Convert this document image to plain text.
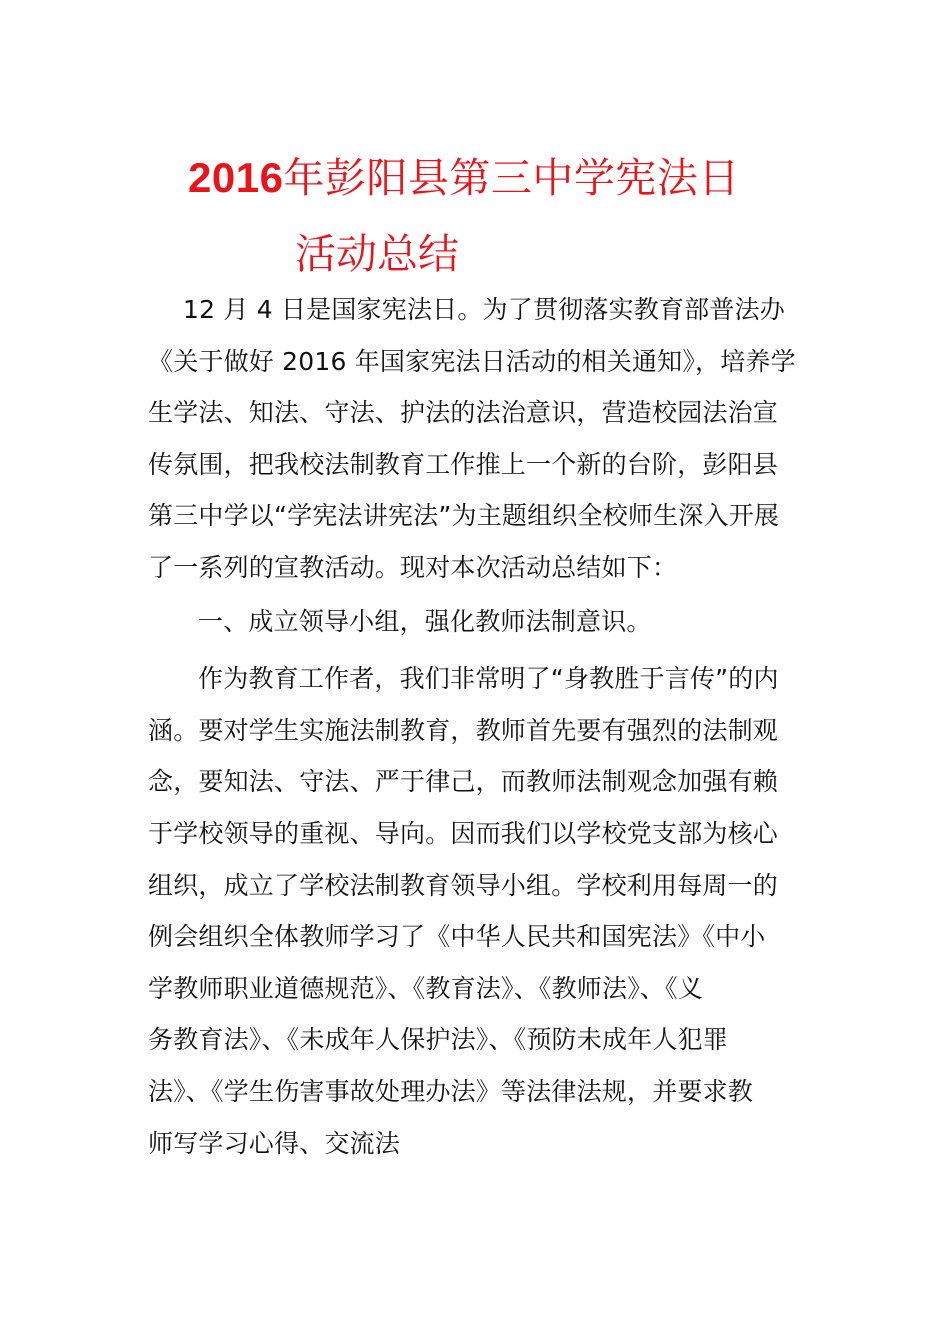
2016年彭阳县第三中学宪法日
活动总结
12 月 4 日是国家宪法日。为了贯彻落实教育部普法办
《关于做好 2016 年国家宪法日活动的相关通知》，培养学
生学法、知法、守法、护法的法治意识，营造校园法治宣
传氛围，把我校法制教育工作推上一个新的台阶，彭阳县
第三中学以“学宪法讲宪法”为主题组织全校师生深入开展
了一系列的宣教活动。现对本次活动总结如下：
一、成立领导小组，强化教师法制意识。
作为教育工作者，我们非常明了“身教胜于言传”的内
涵。要对学生实施法制教育，教师首先要有强烈的法制观
念，要知法、守法、严于律己，而教师法制观念加强有赖
于学校领导的重视、导向。因而我们以学校党支部为核心
组织，成立了学校法制教育领导小组。学校利用每周一的
例会组织全体教师学习了《中华人民共和国宪法》《中小
学教师职业道德规范》、《教育法》、《教师法》、《义
务教育法》、《未成年人保护法》、《预防未成年人犯罪
法》、《学生伤害事故处理办法》等法律法规，并要求教
师写学习心得、交流法
